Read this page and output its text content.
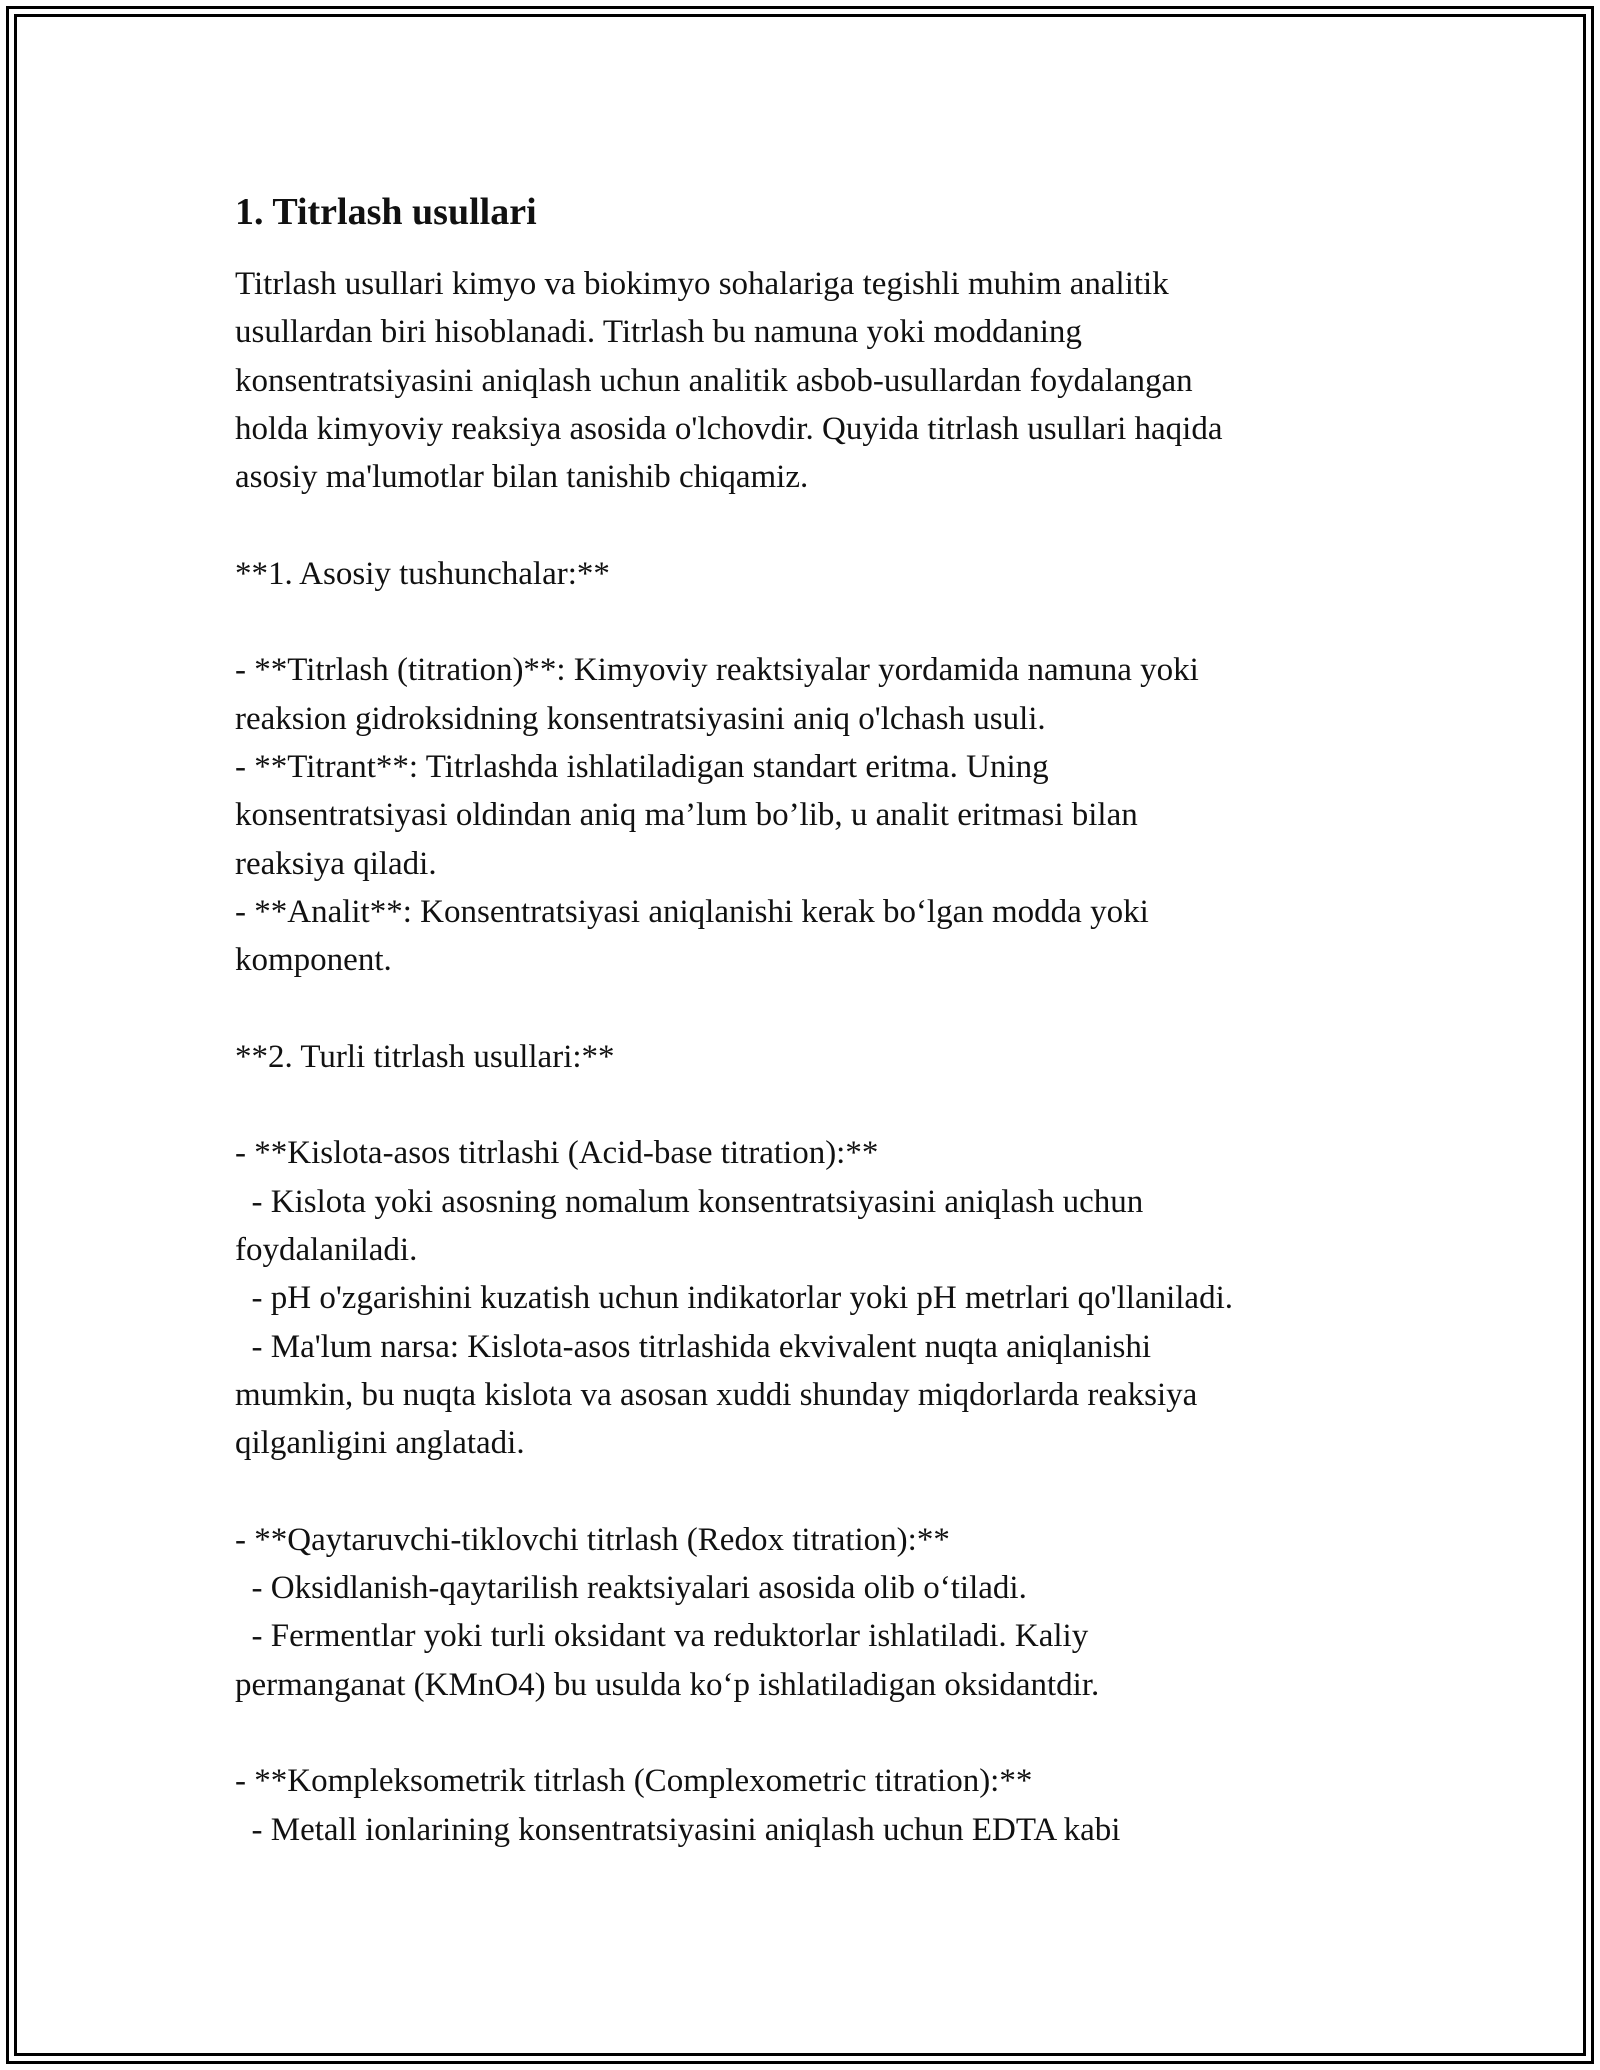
1. Titrlash usullari
Titrlash usullari kimyo va biokimyo sohalariga tegishli muhim analitik
usullardan biri hisoblanadi. Titrlash bu namuna yoki moddaning
konsentratsiyasini aniqlash uchun analitik asbob-usullardan foydalangan
holda kimyoviy reaksiya asosida o'lchovdir. Quyida titrlash usullari haqida
asosiy ma'lumotlar bilan tanishib chiqamiz.
**1. Asosiy tushunchalar:**
- **Titrlash (titration)**: Kimyoviy reaktsiyalar yordamida namuna yoki
reaksion gidroksidning konsentratsiyasini aniq o'lchash usuli.
- **Titrant**: Titrlashda ishlatiladigan standart eritma. Uning
konsentratsiyasi oldindan aniq ma’lum bo’lib, u analit eritmasi bilan
reaksiya qiladi.
- **Analit**: Konsentratsiyasi aniqlanishi kerak bo‘lgan modda yoki
komponent.
**2. Turli titrlash usullari:**
- **Kislota-asos titrlashi (Acid-base titration):**
- Kislota yoki asosning nomalum konsentratsiyasini aniqlash uchun
foydalaniladi.
- pH o'zgarishini kuzatish uchun indikatorlar yoki pH metrlari qo'llaniladi.
- Ma'lum narsa: Kislota-asos titrlashida ekvivalent nuqta aniqlanishi
mumkin, bu nuqta kislota va asosan xuddi shunday miqdorlarda reaksiya
qilganligini anglatadi.
- **Qaytaruvchi-tiklovchi titrlash (Redox titration):**
- Oksidlanish-qaytarilish reaktsiyalari asosida olib o‘tiladi.
- Fermentlar yoki turli oksidant va reduktorlar ishlatiladi. Kaliy
permanganat (KMnO4) bu usulda ko‘p ishlatiladigan oksidantdir.
- **Kompleksometrik titrlash (Complexometric titration):**
- Metall ionlarining konsentratsiyasini aniqlash uchun EDTA kabi
